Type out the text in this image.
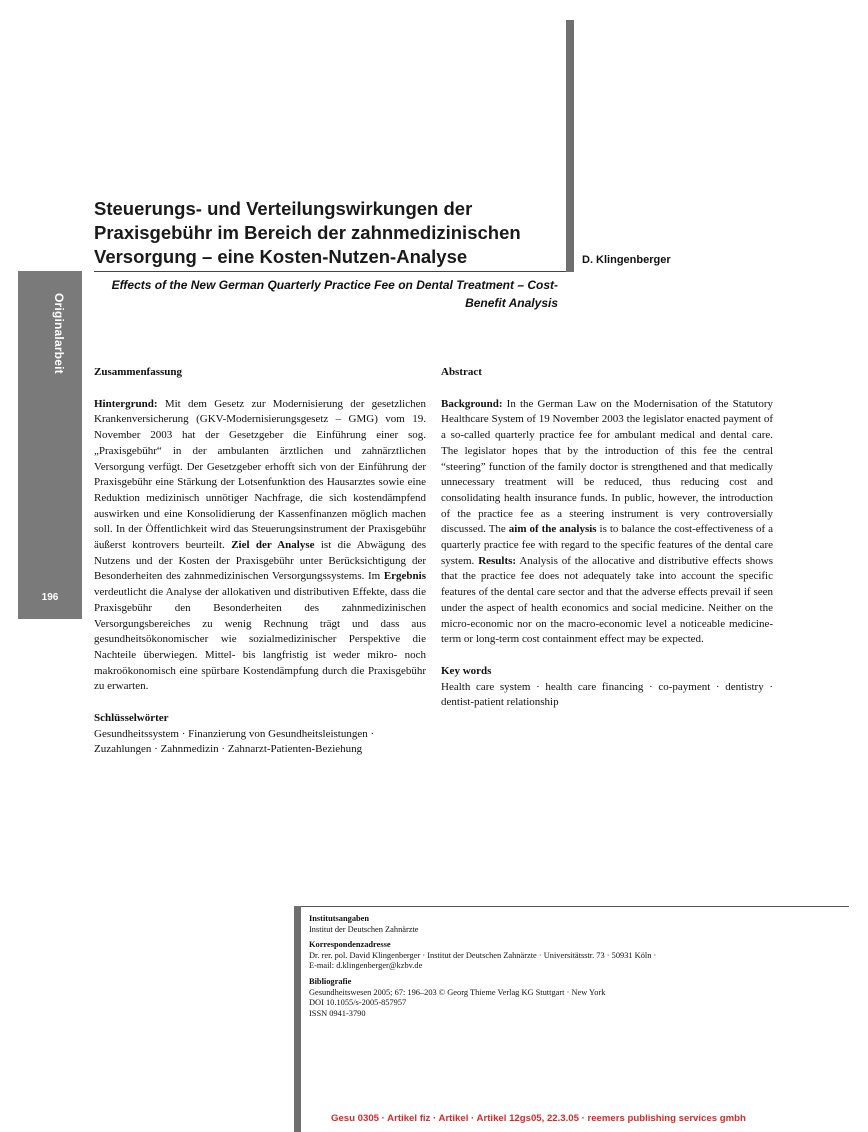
Originalarbeit
196
Steuerungs- und Verteilungswirkungen der
Praxisgebühr im Bereich der zahnmedizinischen
Versorgung – eine Kosten-Nutzen-Analyse	D. Klingenberger

Effects of the New German Quarterly Practice Fee on Dental Treatment – Cost-
Benefit Analysis

Zusammenfassung

Hintergrund: Mit dem Gesetz zur Modernisierung der gesetzlichen Krankenversicherung (GKV-Modernisierungsgesetz – GMG) vom 19. November 2003 hat der Gesetzgeber die Einführung einer sog. „Praxisgebühr“ in der ambulanten ärztlichen und zahnärztlichen Versorgung verfügt. Der Gesetzgeber erhofft sich von der Einführung der Praxisgebühr eine Stärkung der Lotsenfunktion des Hausarztes sowie eine Reduktion medizinisch unnötiger Nachfrage, die sich kostendämpfend auswirken und eine Konsolidierung der Kassenfinanzen möglich machen soll. In der Öffentlichkeit wird das Steuerungsinstrument der Praxisgebühr äußerst kontrovers beurteilt. Ziel der Analyse ist die Abwägung des Nutzens und der Kosten der Praxisgebühr unter Berücksichtigung der Besonderheiten des zahnmedizinischen Versorgungssystems. Im Ergebnis verdeutlicht die Analyse der allokativen und distributiven Effekte, dass die Praxisgebühr den Besonderheiten des zahnmedizinischen Versorgungsbereiches zu wenig Rechnung trägt und dass aus gesundheitsökonomischer wie sozialmedizinischer Perspektive die Nachteile überwiegen. Mittel- bis langfristig ist weder mikro- noch makroökonomisch eine spürbare Kostendämpfung durch die Praxisgebühr zu erwarten.

Schlüsselwörter

Gesundheitssystem · Finanzierung von Gesundheitsleistungen · Zuzahlungen · Zahnmedizin · Zahnarzt-Patienten-Beziehung

Abstract

Background: In the German Law on the Modernisation of the Statutory Healthcare System of 19 November 2003 the legislator enacted payment of a so-called quarterly practice fee for ambulant medical and dental care. The legislator hopes that by the introduction of this fee the central “steering” function of the family doctor is strengthened and that medically unnecessary treatment will be reduced, thus reducing cost and consolidating health insurance funds. In public, however, the introduction of the practice fee as a steering instrument is very controversially discussed. The aim of the analysis is to balance the cost-effectiveness of a quarterly practice fee with regard to the specific features of the dental care system. Results: Analysis of the allocative and distributive effects shows that the practice fee does not adequately take into account the specific features of the dental care sector and that the adverse effects prevail if seen under the aspect of health economics and social medicine. Neither on the micro-economic nor on the macro-economic level a noticeable medicine-term or long-term cost containment effect may be expected.

Key words

Health care system · health care financing · co-payment · dentistry · dentist-patient relationship

Institutsangaben
Institut der Deutschen Zahnärzte
Korrespondenzadresse
Dr. rer. pol. David Klingenberger · Institut der Deutschen Zahnärzte · Universitätsstr. 73 · 50931 Köln ·
E-mail: d.klingenberger@kzbv.de
Bibliografie
Gesundheitswesen 2005; 67: 196–203 © Georg Thieme Verlag KG Stuttgart · New York
DOI 10.1055/s-2005-857957
ISSN 0941-3790
Gesu 0305 · Artikel fiz · Artikel · Artikel 12gs05, 22.3.05 · reemers publishing services gmbh
